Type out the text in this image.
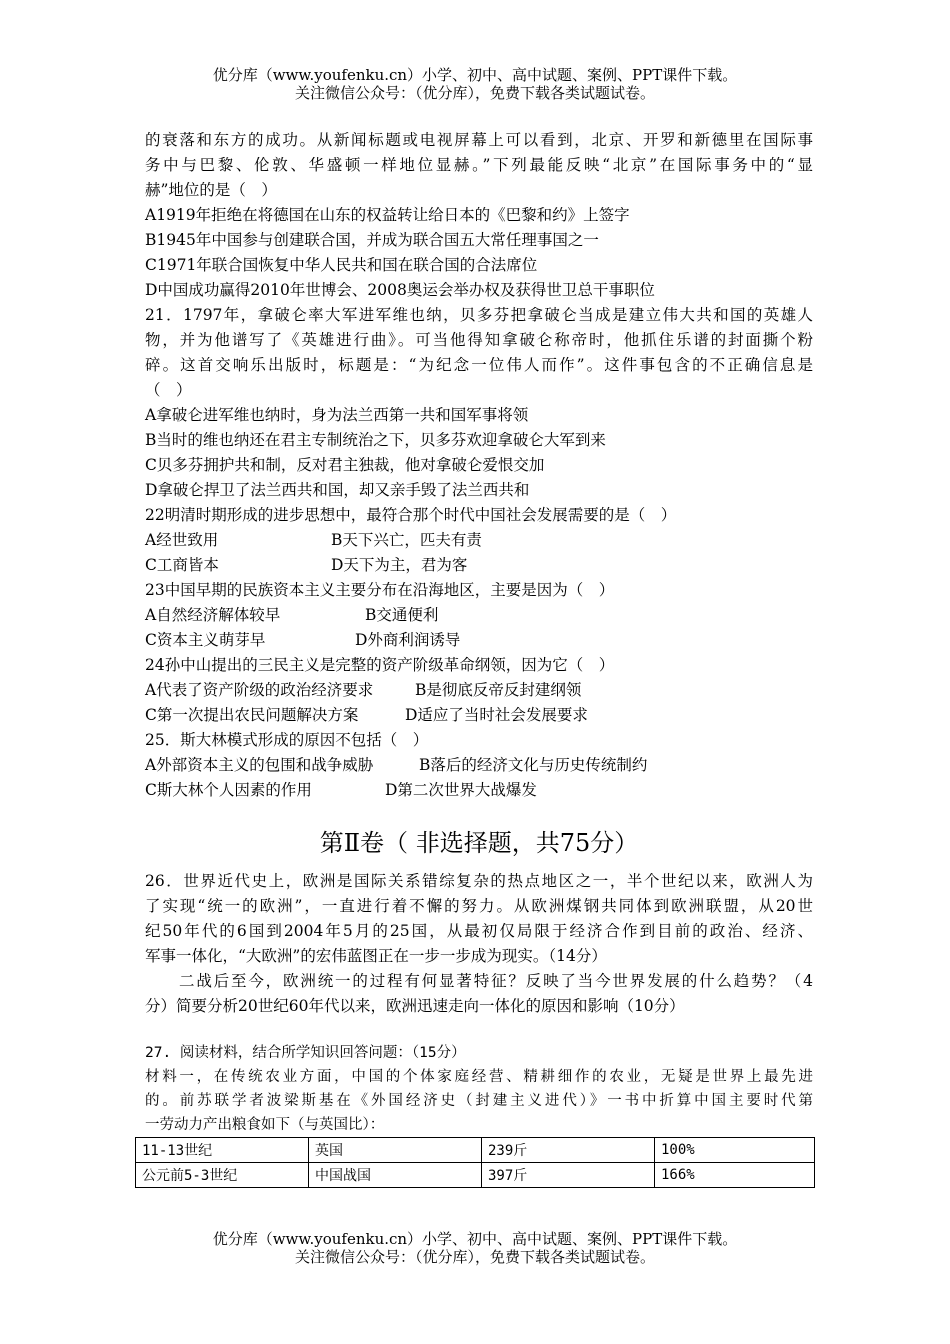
优分库（www.youfenku.cn）小学、初中、高中试题、案例、PPT课件下载。
关注微信公众号：（优分库），免费下载各类试题试卷。
的衰落和东方的成功。从新闻标题或电视屏幕上可以看到，北京、开罗和新德里在国际事
务中与巴黎、伦敦、华盛顿一样地位显赫。”下列最能反映“北京”在国际事务中的“显
赫”地位的是（　）
A1919年拒绝在将德国在山东的权益转让给日本的《巴黎和约》上签字
B1945年中国参与创建联合国，并成为联合国五大常任理事国之一
C1971年联合国恢复中华人民共和国在联合国的合法席位
D中国成功赢得2010年世博会、2008奥运会举办权及获得世卫总干事职位
21．1797年，拿破仑率大军进军维也纳，贝多芬把拿破仑当成是建立伟大共和国的英雄人
物，并为他谱写了《英雄进行曲》。可当他得知拿破仑称帝时，他抓住乐谱的封面撕个粉
碎。这首交响乐出版时，标题是：“为纪念一位伟人而作”。这件事包含的不正确信息是
（　）
A拿破仑进军维也纳时，身为法兰西第一共和国军事将领
B当时的维也纳还在君主专制统治之下，贝多芬欢迎拿破仑大军到来
C贝多芬拥护共和制，反对君主独裁，他对拿破仑爱恨交加
D拿破仑捍卫了法兰西共和国，却又亲手毁了法兰西共和
22明清时期形成的进步思想中，最符合那个时代中国社会发展需要的是（　）
A经世致用	B天下兴亡，匹夫有责
C工商皆本	D天下为主，君为客
23中国早期的民族资本主义主要分布在沿海地区，主要是因为（　）
A自然经济解体较早	B交通便利
C资本主义萌芽早	D外商利润诱导
24孙中山提出的三民主义是完整的资产阶级革命纲领，因为它（　）
A代表了资产阶级的政治经济要求	B是彻底反帝反封建纲领
C第一次提出农民问题解决方案	D适应了当时社会发展要求
25．斯大林模式形成的原因不包括（　）
A外部资本主义的包围和战争威胁	B落后的经济文化与历史传统制约
C斯大林个人因素的作用	D第二次世界大战爆发
第Ⅱ卷（ 非选择题，共75分）
26．世界近代史上，欧洲是国际关系错综复杂的热点地区之一，半个世纪以来，欧洲人为
了实现“统一的欧洲”，一直进行着不懈的努力。从欧洲煤钢共同体到欧洲联盟，从20世
纪50年代的6国到2004年5月的25国，从最初仅局限于经济合作到目前的政治、经济、
军事一体化，“大欧洲”的宏伟蓝图正在一步一步成为现实。（14分）
二战后至今，欧洲统一的过程有何显著特征？反映了当今世界发展的什么趋势？（4
分）简要分析20世纪60年代以来，欧洲迅速走向一体化的原因和影响（10分）
27. 阅读材料，结合所学知识回答问题：（15分）
材料一，在传统农业方面，中国的个体家庭经营、精耕细作的农业，无疑是世界上最先进
的。前苏联学者波梁斯基在《外国经济史（封建主义进代）》一书中折算中国主要时代第
一劳动力产出粮食如下（与英国比）：
11-13世纪	英国	239斤	100%
公元前5-3世纪	中国战国	397斤	166%
优分库（www.youfenku.cn）小学、初中、高中试题、案例、PPT课件下载。
关注微信公众号：（优分库），免费下载各类试题试卷。
